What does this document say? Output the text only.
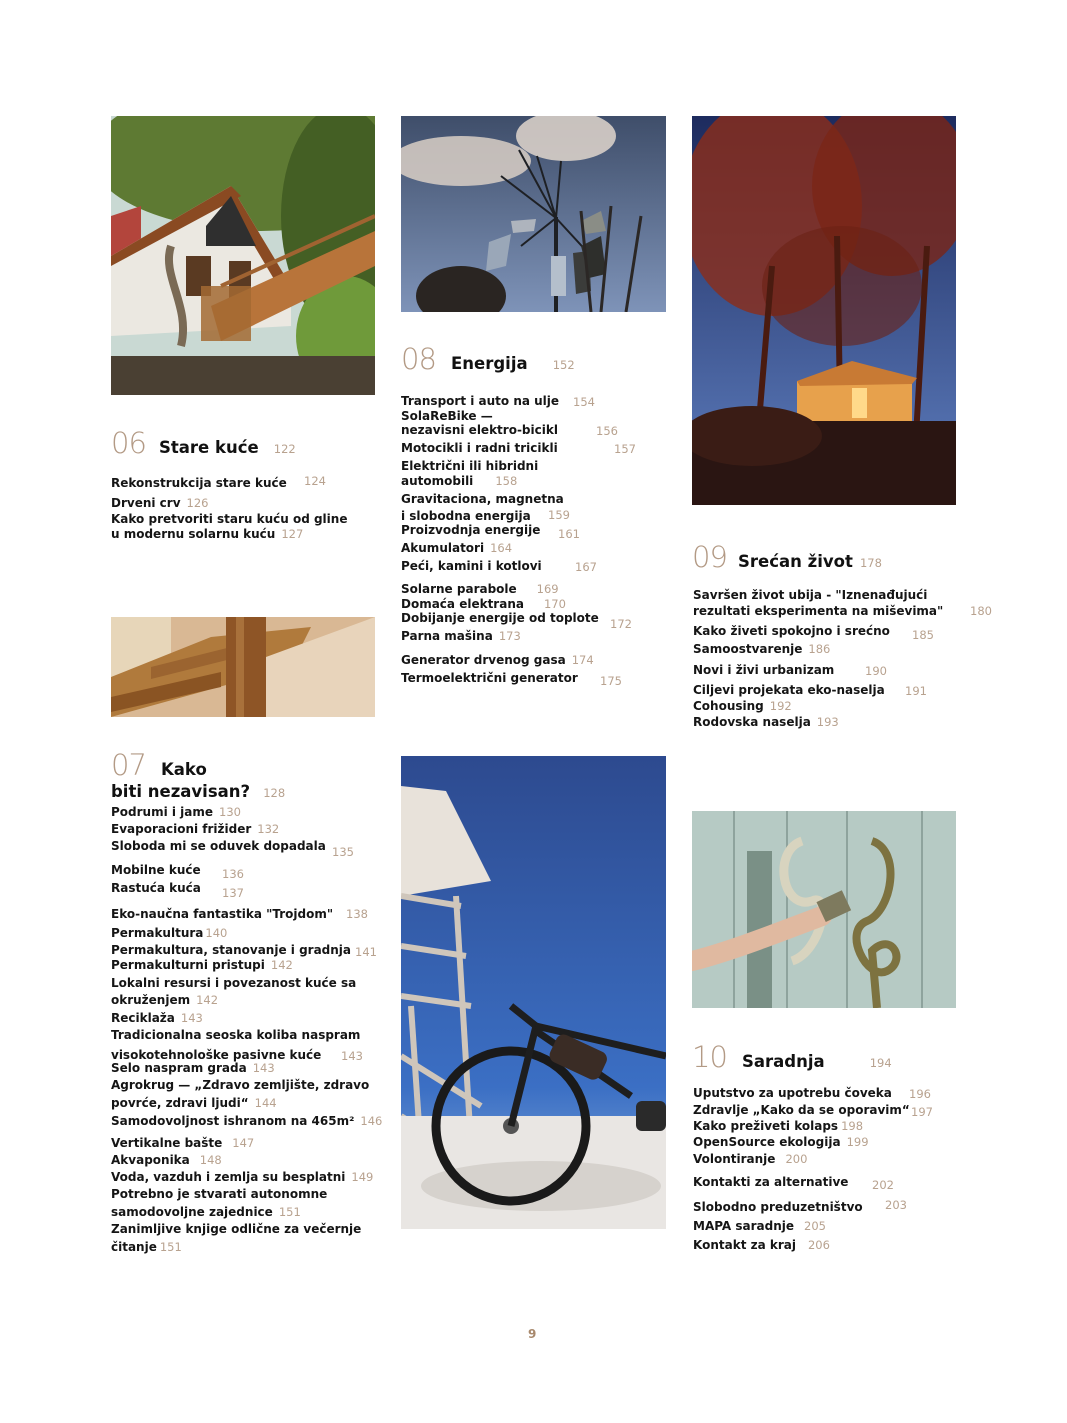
06 Stare kuće 122
Rekonstrukcija stare kuće 124
Drveni crv 126
Kako pretvoriti staru kuću od gline
u modernu solarnu kuću 127
08 Energija 152
Transport i auto na ulje 154
SolaReBike —
nezavisni elektro-bicikl	156
Motocikli i radni tricikli	157
Električni ili hibridni
automobili 158
Gravitaciona, magnetna
i slobodna energija 159
Proizvodnja energije 161
Akumulatori 164
Peći, kamini i kotlovi	167
Solarne parabole 169
Domaća elektrana 170
Dobijanje energije od toplote 172
Parna mašina 173
Generator drvenog gasa 174
Termoelektrični generator 175
09 Srećan život 178
Savršen život ubija - "Iznenađujući
rezultati eksperimenta na miševima" 180
Kako živeti spokojno i srećno 185
Samoostvarenje 186
Novi i živi urbanizam	190
Ciljevi projekata eko-naselja 191
Cohousing 192
Rodovska naselja 193
07 Kako
biti nezavisan? 128
Podrumi i jame 130
Evaporacioni frižider 132
Sloboda mi se oduvek dopadala 135
Mobilne kuće 136
Rastuća kuća 137
Eko-naučna fantastika "Trojdom" 138
Permakultura 140
Permakultura, stanovanje i gradnja 141
Permakulturni pristupi 142
Lokalni resursi i povezanost kuće sa
okruženjem 142
Reciklaža 143
Tradicionalna seoska koliba naspram
visokotehnološke pasivne kuće 143
Selo naspram grada 143
Agrokrug — „Zdravo zemljište, zdravo
povrće, zdravi ljudi“ 144
Samodovoljnost ishranom na 465m² 146
Vertikalne bašte 147
Akvaponika 148
Voda, vazduh i zemlja su besplatni 149
Potrebno je stvarati autonomne
samodovoljne zajednice 151
Zanimljive knjige odlične za večernje
čitanje 151
10 Saradnja	194
Uputstvo za upotrebu čoveka 196
Zdravlje „Kako da se oporavim“ 197
Kako preživeti kolaps 198
OpenSource ekologija 199
Volontiranje 200
Kontakti za alternative 202
Slobodno preduzetništvo 203
MAPA saradnje 205
Kontakt za kraj 206
9
